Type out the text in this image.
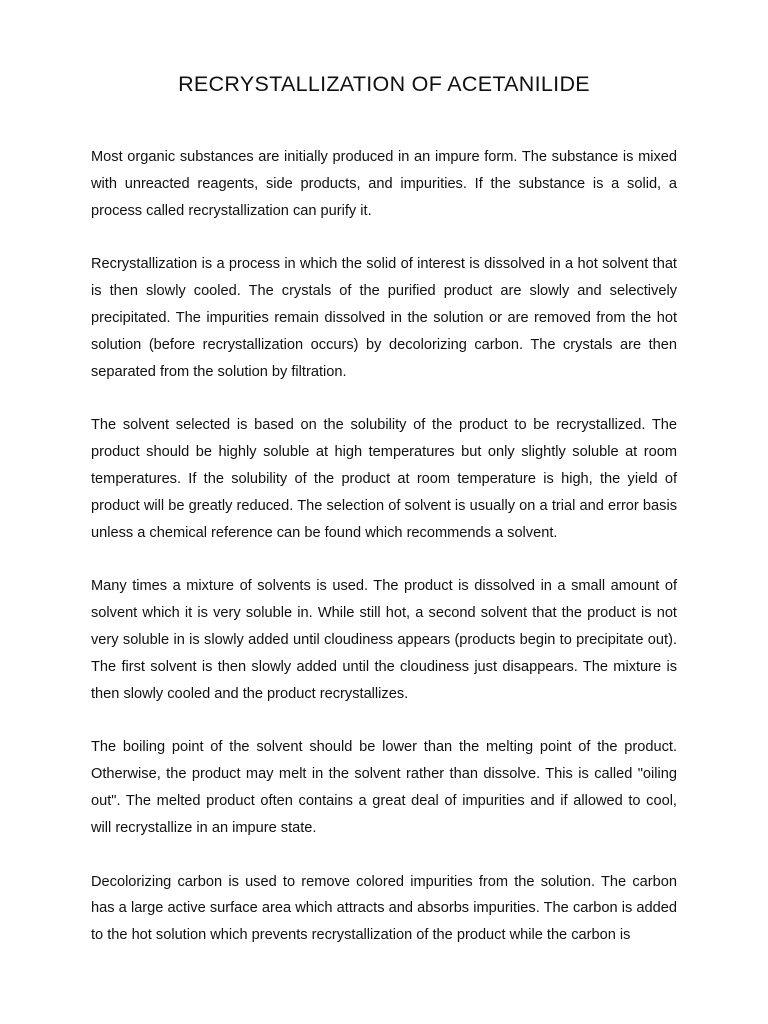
RECRYSTALLIZATION OF ACETANILIDE

Most organic substances are initially produced in an impure form. The substance is mixed with unreacted reagents, side products, and impurities. If the substance is a solid, a process called recrystallization can purify it.

Recrystallization is a process in which the solid of interest is dissolved in a hot solvent that is then slowly cooled. The crystals of the purified product are slowly and selectively precipitated. The impurities remain dissolved in the solution or are removed from the hot solution (before recrystallization occurs) by decolorizing carbon. The crystals are then separated from the solution by filtration.

The solvent selected is based on the solubility of the product to be recrystallized. The product should be highly soluble at high temperatures but only slightly soluble at room temperatures. If the solubility of the product at room temperature is high, the yield of product will be greatly reduced. The selection of solvent is usually on a trial and error basis unless a chemical reference can be found which recommends a solvent.

Many times a mixture of solvents is used. The product is dissolved in a small amount of solvent which it is very soluble in. While still hot, a second solvent that the product is not very soluble in is slowly added until cloudiness appears (products begin to precipitate out). The first solvent is then slowly added until the cloudiness just disappears. The mixture is then slowly cooled and the product recrystallizes.

The boiling point of the solvent should be lower than the melting point of the product. Otherwise, the product may melt in the solvent rather than dissolve. This is called "oiling out". The melted product often contains a great deal of impurities and if allowed to cool, will recrystallize in an impure state.

Decolorizing carbon is used to remove colored impurities from the solution. The carbon has a large active surface area which attracts and absorbs impurities. The carbon is added to the hot solution which prevents recrystallization of the product while the carbon is
